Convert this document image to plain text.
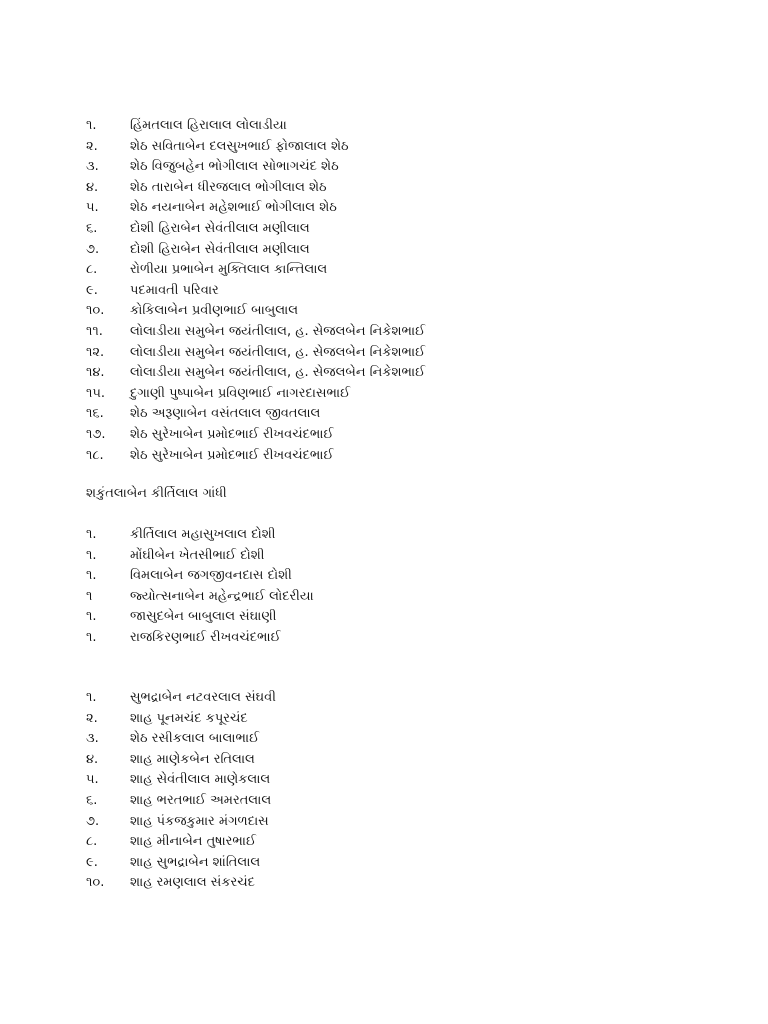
૧.	હિંમતલાલ હિરાલાલ લોલાડીયા
૨.	શેઠ સવિતાબેન દલસુખભાઈ ફોજાલાલ શેઠ
૩.	શેઠ વિજુબહેન ભોગીલાલ સોભાગચંદ શેઠ
૪.	શેઠ તારાબેન ધીરજલાલ ભોગીલાલ શેઠ
૫.	શેઠ નયનાબેન મહેશભાઈ ભોગીલાલ શેઠ
૬.	દોશી હિરાબેન સેવંતીલાલ મણીલાલ
૭.	દોશી હિરાબેન સેવંતીલાલ મણીલાલ
૮.	રોળીયા પ્રભાબેન મુક્તિલાલ કાન્તિલાલ
૯.	પદમાવતી પરિવાર
૧૦.	કોકિલાબેન પ્રવીણભાઈ બાબુલાલ
૧૧.	લોલાડીયા સમુબેન જયંતીલાલ, હ. સેજલબેન નિકેશભાઈ
૧૨.	લોલાડીયા સમુબેન જયંતીલાલ, હ. સેજલબેન નિકેશભાઈ
૧૪.	લોલાડીયા સમુબેન જયંતીલાલ, હ. સેજલબેન નિકેશભાઈ
૧૫.	દુગાણી પુષ્પાબેન પ્રવિણભાઈ નાગરદાસભાઈ
૧૬.	શેઠ અરૂણાબેન વસંતલાલ જીવતલાલ
૧૭.	શેઠ સુરેખાબેન પ્રમોદભાઈ રીખવચંદભાઈ
૧૮.	શેઠ સુરેખાબેન પ્રમોદભાઈ રીખવચંદભાઈ
શકુંતલાબેન કીર્તિલાલ ગાંધી
૧.	કીર્તિલાલ મહાસુખલાલ દોશી
૧.	મોંઘીબેન ખેતસીભાઈ દોશી
૧.	વિમલાબેન જગજીવનદાસ દોશી
૧	જ્યોત્સનાબેન મહેન્દ્રભાઈ લોદરીયા
૧.	જાસુદબેન બાબુલાલ સંઘાણી
૧.	રાજકિરણભાઈ રીખવચંદભાઈ
૧.	સુભદ્રાબેન નટવરલાલ સંઘવી
૨.	શાહ પૂનમચંદ કપૂરચંદ
૩.	શેઠ રસીકલાલ બાલાભાઈ
૪.	શાહ માણેકબેન રતિલાલ
૫.	શાહ સેવંતીલાલ માણેકલાલ
૬.	શાહ ભરતભાઈ અમરતલાલ
૭.	શાહ પંકજકુમાર મંગળદાસ
૮.	શાહ મીનાબેન તુષારભાઈ
૯.	શાહ સુભદ્રાબેન શાંતિલાલ
૧૦.	શાહ રમણલાલ સંકરચંદ
